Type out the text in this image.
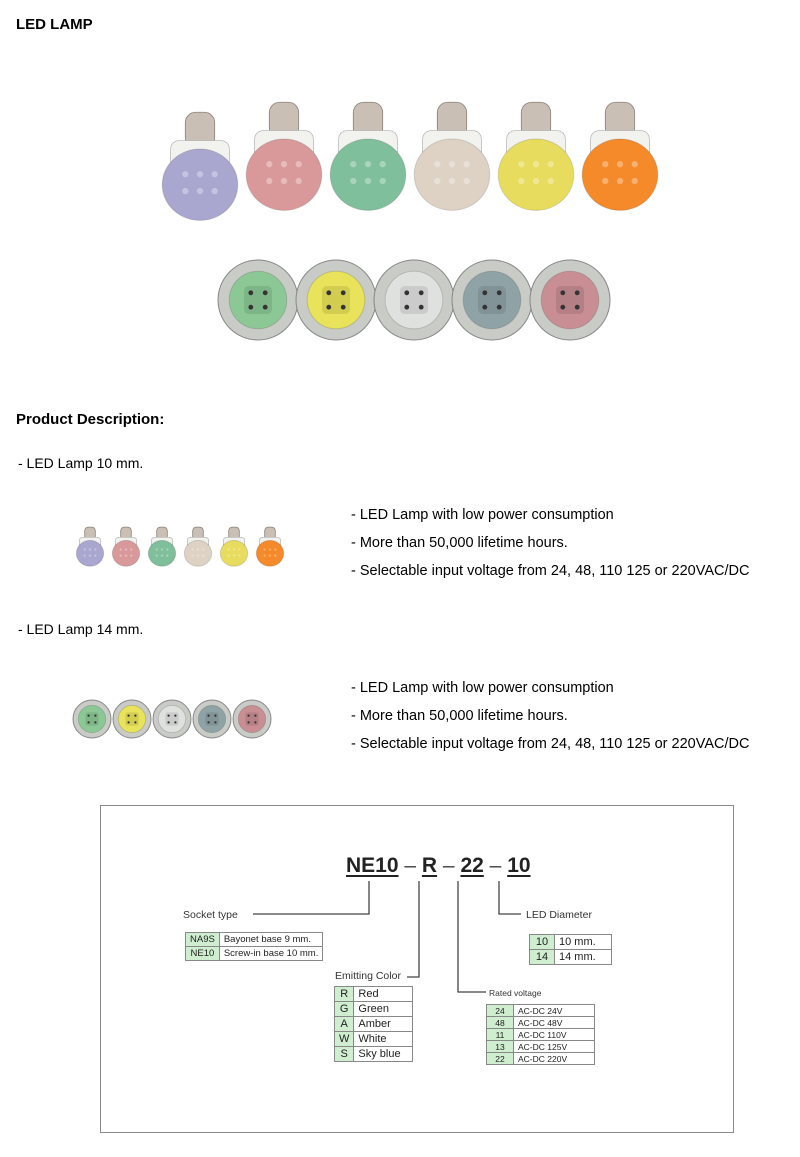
LED LAMP
Product Description:
- LED Lamp 10 mm.
- LED Lamp with low power consumption
- More than 50,000 lifetime hours.
- Selectable input voltage from 24, 48, 110 125 or 220VAC/DC
- LED Lamp 14 mm.
- LED Lamp with low power consumption
- More than 50,000 lifetime hours.
- Selectable input voltage from 24, 48, 110 125 or 220VAC/DC
NE10 – R – 22 – 10
Socket type
NA9S	Bayonet base 9 mm.
NE10	Screw-in base 10 mm.
Emitting Color
R	Red
G	Green
A	Amber
W	White
S	Sky blue
Rated voltage
24	AC-DC 24V
48	AC-DC 48V
11	AC-DC 110V
13	AC-DC 125V
22	AC-DC 220V
LED Diameter
10	10 mm.
14	14 mm.
